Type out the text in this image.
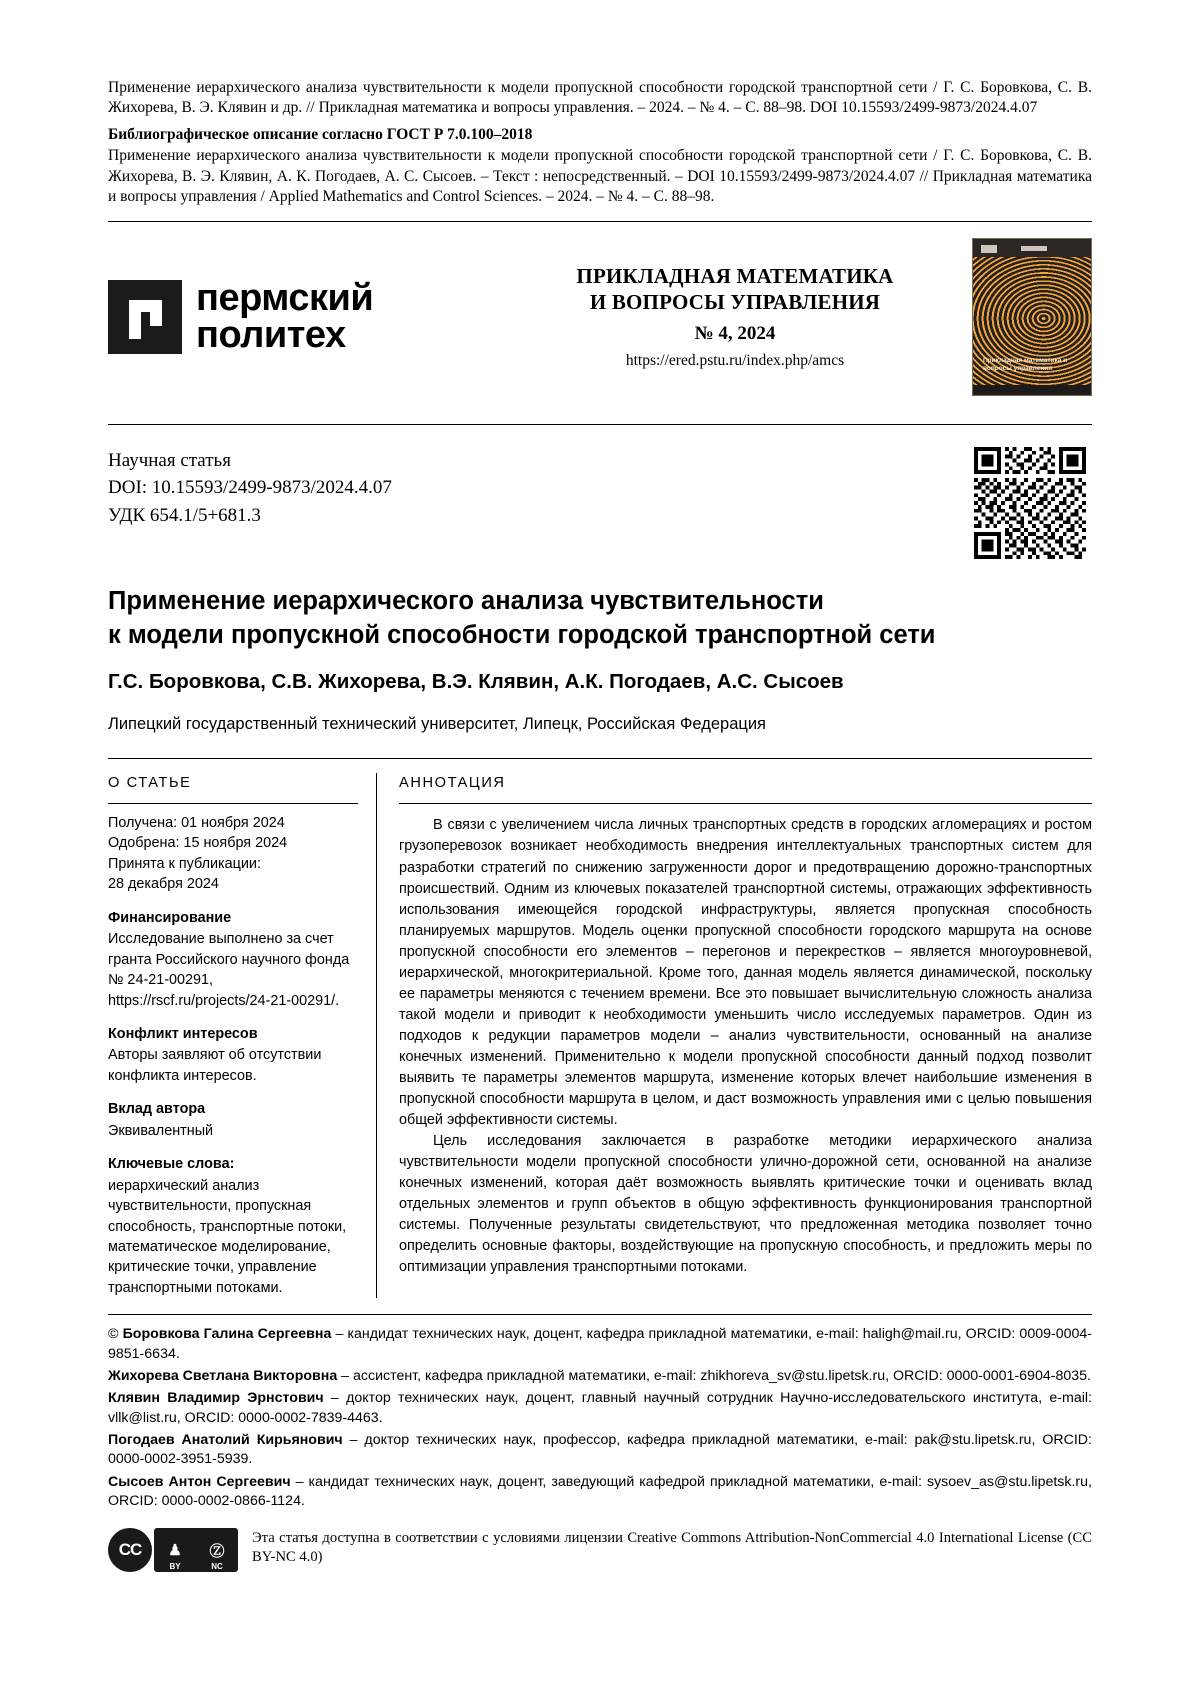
Применение иерархического анализа чувствительности к модели пропускной способности городской транспортной сети / Г. С. Боровкова, С. В. Жихорева, В. Э. Клявин и др. // Прикладная математика и вопросы управления. – 2024. – № 4. – С. 88–98. DOI 10.15593/2499-9873/2024.4.07

Библиографическое описание согласно ГОСТ Р 7.0.100–2018

Применение иерархического анализа чувствительности к модели пропускной способности городской транспортной сети / Г. С. Боровкова, С. В. Жихорева, В. Э. Клявин, А. К. Погодаев, А. С. Сысоев. – Текст : непосредственный. – DOI 10.15593/2499-9873/2024.4.07 // Прикладная математика и вопросы управления / Applied Mathematics and Control Sciences. – 2024. – № 4. – С. 88–98.

пермский
политех
ПРИКЛАДНАЯ МАТЕМАТИКА
И ВОПРОСЫ УПРАВЛЕНИЯ
№ 4, 2024
https://ered.pstu.ru/index.php/amcs	Прикладная математика и вопросы управления
Научная статья
DOI: 10.15593/2499-9873/2024.4.07
УДК 654.1/5+681.3
Применение иерархического анализа чувствительности
к модели пропускной способности городской транспортной сети
Г.С. Боровкова, С.В. Жихорева, В.Э. Клявин, А.К. Погодаев, А.С. Сысоев
Липецкий государственный технический университет, Липецк, Российская Федерация
О СТАТЬЕ
Получена: 01 ноября 2024
Одобрена: 15 ноября 2024
Принята к публикации:
28 декабря 2024
Финансирование
Исследование выполнено за счет гранта Российского научного фонда № 24-21-00291, https://rscf.ru/projects/24-21-00291/.
Конфликт интересов
Авторы заявляют об отсутствии конфликта интересов.
Вклад автора
Эквивалентный
Ключевые слова:
иерархический анализ чувствительности, пропускная способность, транспортные потоки, математическое моделирование, критические точки, управление транспортными потоками.
АННОТАЦИЯ

В связи с увеличением числа личных транспортных средств в городских агломерациях и ростом грузоперевозок возникает необходимость внедрения интеллектуальных транспортных систем для разработки стратегий по снижению загруженности дорог и предотвращению дорожно-транспортных происшествий. Одним из ключевых показателей транспортной системы, отражающих эффективность использования имеющейся городской инфраструктуры, является пропускная способность планируемых маршрутов. Модель оценки пропускной способности городского маршрута на основе пропускной способности его элементов – перегонов и перекрестков – является многоуровневой, иерархической, многокритериальной. Кроме того, данная модель является динамической, поскольку ее параметры меняются с течением времени. Все это повышает вычислительную сложность анализа такой модели и приводит к необходимости уменьшить число исследуемых параметров. Один из подходов к редукции параметров модели – анализ чувствительности, основанный на анализе конечных изменений. Применительно к модели пропускной способности данный подход позволит выявить те параметры элементов маршрута, изменение которых влечет наибольшие изменения в пропускной способности маршрута в целом, и даст возможность управления ими с целью повышения общей эффективности системы.

Цель исследования заключается в разработке методики иерархического анализа чувствительности модели пропускной способности улично-дорожной сети, основанной на анализе конечных изменений, которая даёт возможность выявлять критические точки и оценивать вклад отдельных элементов и групп объектов в общую эффективность функционирования транспортной системы. Полученные результаты свидетельствуют, что предложенная методика позволяет точно определить основные факторы, воздействующие на пропускную способность, и предложить меры по оптимизации управления транспортными потоками.

© Боровкова Галина Сергеевна – кандидат технических наук, доцент, кафедра прикладной математики, e-mail: haligh@mail.ru, ORCID: 0009-0004-9851-6634.

Жихорева Светлана Викторовна – ассистент, кафедра прикладной математики, e-mail: zhikhoreva_sv@stu.lipetsk.ru, ORCID: 0000-0001-6904-8035.

Клявин Владимир Эрнстович – доктор технических наук, доцент, главный научный сотрудник Научно-исследовательского института, e-mail: vllk@list.ru, ORCID: 0000-0002-7839-4463.

Погодаев Анатолий Кирьянович – доктор технических наук, профессор, кафедра прикладной математики, e-mail: pak@stu.lipetsk.ru, ORCID: 0000-0002-3951-5939.

Сысоев Антон Сергеевич – кандидат технических наук, доцент, заведующий кафедрой прикладной математики, e-mail: sysoev_as@stu.lipetsk.ru, ORCID: 0000-0002-0866-1124.

CC	♟	Ⓩ
BY	NC
Эта статья доступна в соответствии с условиями лицензии Creative Commons Attribution-NonCommercial 4.0 International License (CC BY-NC 4.0)
